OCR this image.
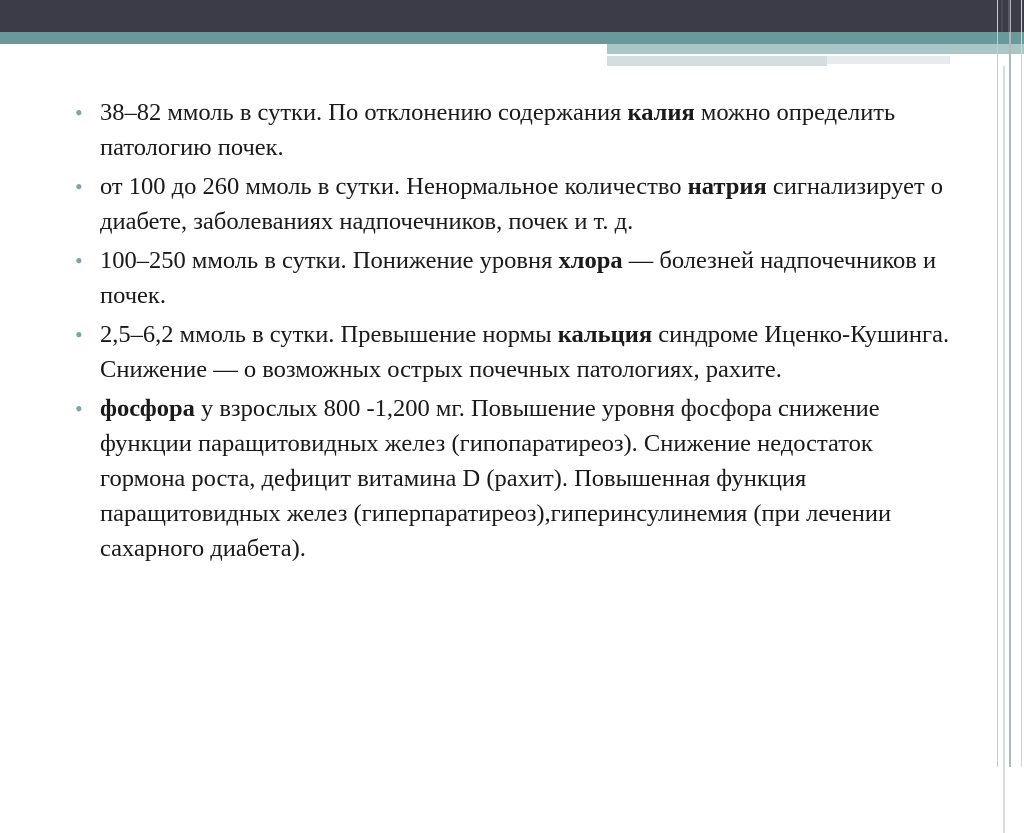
• 38–82 ммоль в сутки. По отклонению содержания калия можно определить патологию почек.
• от 100 до 260 ммоль в сутки. Ненормальное количество натрия сигнализирует о диабете, заболеваниях надпочечников, почек и т. д.
• 100–250 ммоль в сутки. Понижение уровня хлора — болезней надпочечников и почек.
• 2,5–6,2 ммоль в сутки. Превышение нормы кальция синдроме Иценко-Кушинга. Снижение — о возможных острых почечных патологиях, рахите.
• фосфора у взрослых 800 -1,200 мг. Повышение уровня фосфора снижение функции паращитовидных желез (гипопаратиреоз). Снижение недостаток гормона роста, дефицит витамина D (рахит). Повышенная функция паращитовидных желез (гиперпаратиреоз),гиперинсулинемия (при лечении сахарного диабета).
